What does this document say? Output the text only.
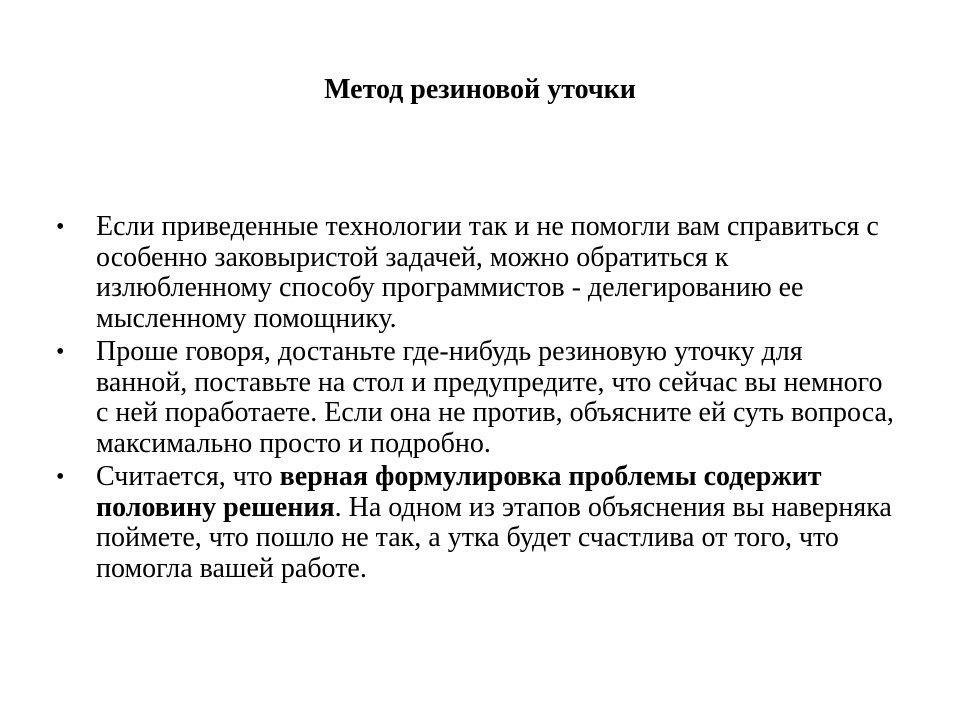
Метод резиновой уточки
•	Если приведенные технологии так и не помогли вам справиться с особенно заковыристой задачей, можно обратиться к излюбленному способу программистов - делегированию ее мысленному помощнику.
•	Проше говоря, достаньте где-нибудь резиновую уточку для ванной, поставьте на стол и предупредите, что сейчас вы немного с ней поработаете. Если она не против, объясните ей суть вопроса, максимально просто и подробно.
•	Считается, что верная формулировка проблемы содержит половину решения. На одном из этапов объяснения вы наверняка поймете, что пошло не так, а утка будет счастлива от того, что помогла вашей работе.
